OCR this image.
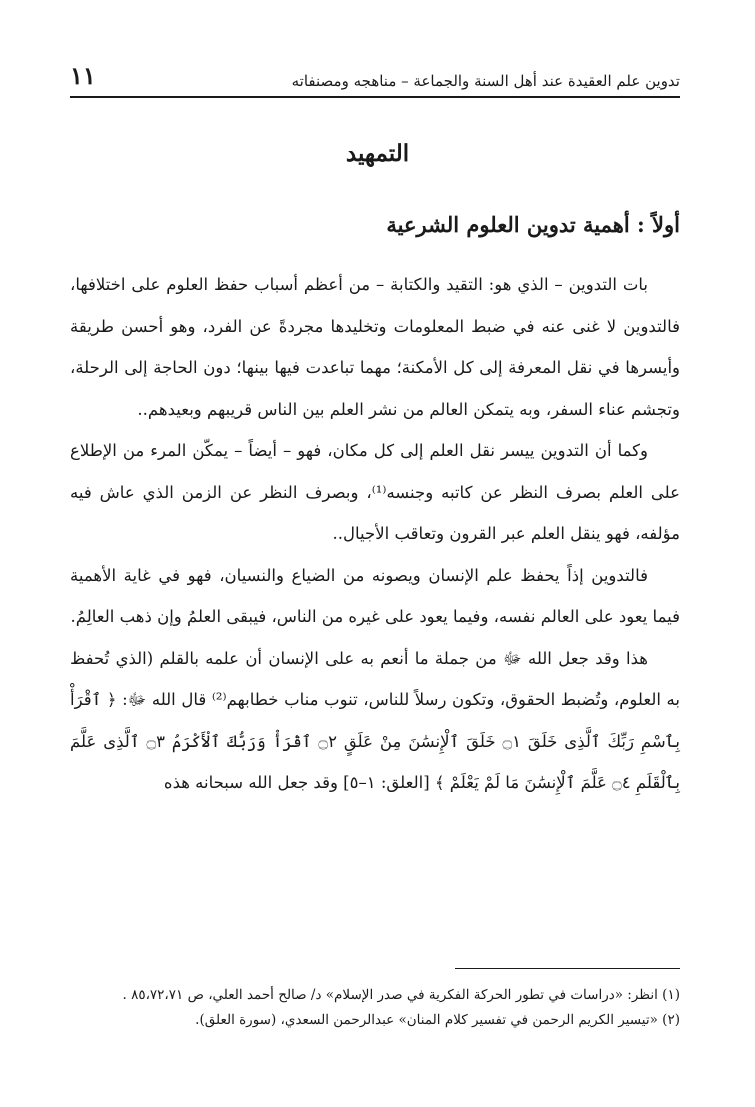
تدوين علم العقيدة عند أهل السنة والجماعة – مناهجه ومصنفاته
١١
التمهيد
أولاً : أهمية تدوين العلوم الشرعية

بات التدوين – الذي هو: التقيد والكتابة – من أعظم أسباب حفظ العلوم على اختلافها، فالتدوين لا غنى عنه في ضبط المعلومات وتخليدها مجردةً عن الفرد، وهو أحسن طريقة وأيسرها في نقل المعرفة إلى كل الأمكنة؛ مهما تباعدت فيها بينها؛ دون الحاجة إلى الرحلة، وتجشم عناء السفر، وبه يتمكن العالم من نشر العلم بين الناس قريبهم وبعيدهم..

وكما أن التدوين ييسر نقل العلم إلى كل مكان، فهو – أيضاً – يمكّن المرء من الإطلاع على العلم بصرف النظر عن كاتبه وجنسه⁽¹⁾، وبصرف النظر عن الزمن الذي عاش فيه مؤلفه، فهو ينقل العلم عبر القرون وتعاقب الأجيال..

فالتدوين إذاً يحفظ علم الإنسان ويصونه من الضياع والنسيان، فهو في غاية الأهمية فيما يعود على العالم نفسه، وفيما يعود على غيره من الناس، فيبقى العلمُ وإن ذهب العالِمُ.

هذا وقد جعل الله ﷻ من جملة ما أنعم به على الإنسان أن علمه بالقلم (الذي تُحفظ به العلوم، وتُضبط الحقوق، وتكون رسلاً للناس، تنوب مناب خطابهم⁽²⁾ قال الله ﷻ: ﴿ ٱقْرَأْ بِٱسْمِ رَبِّكَ ٱلَّذِى خَلَقَ ۝١ خَلَقَ ٱلْإِنسَٰنَ مِنْ عَلَقٍ ۝٢ ٱقْرَأْ وَرَبُّكَ ٱلْأَكْرَمُ ۝٣ ٱلَّذِى عَلَّمَ بِٱلْقَلَمِ ۝٤ عَلَّمَ ٱلْإِنسَٰنَ مَا لَمْ يَعْلَمْ ﴾ [العلق: ١–٥] وقد جعل الله سبحانه هذه

(١) انظر: «دراسات في تطور الحركة الفكرية في صدر الإسلام» د/ صالح أحمد العلي، ص ٨٥،٧٢،٧١ .

(٢) «تيسير الكريم الرحمن في تفسير كلام المنان» عبدالرحمن السعدي، (سورة العلق).
